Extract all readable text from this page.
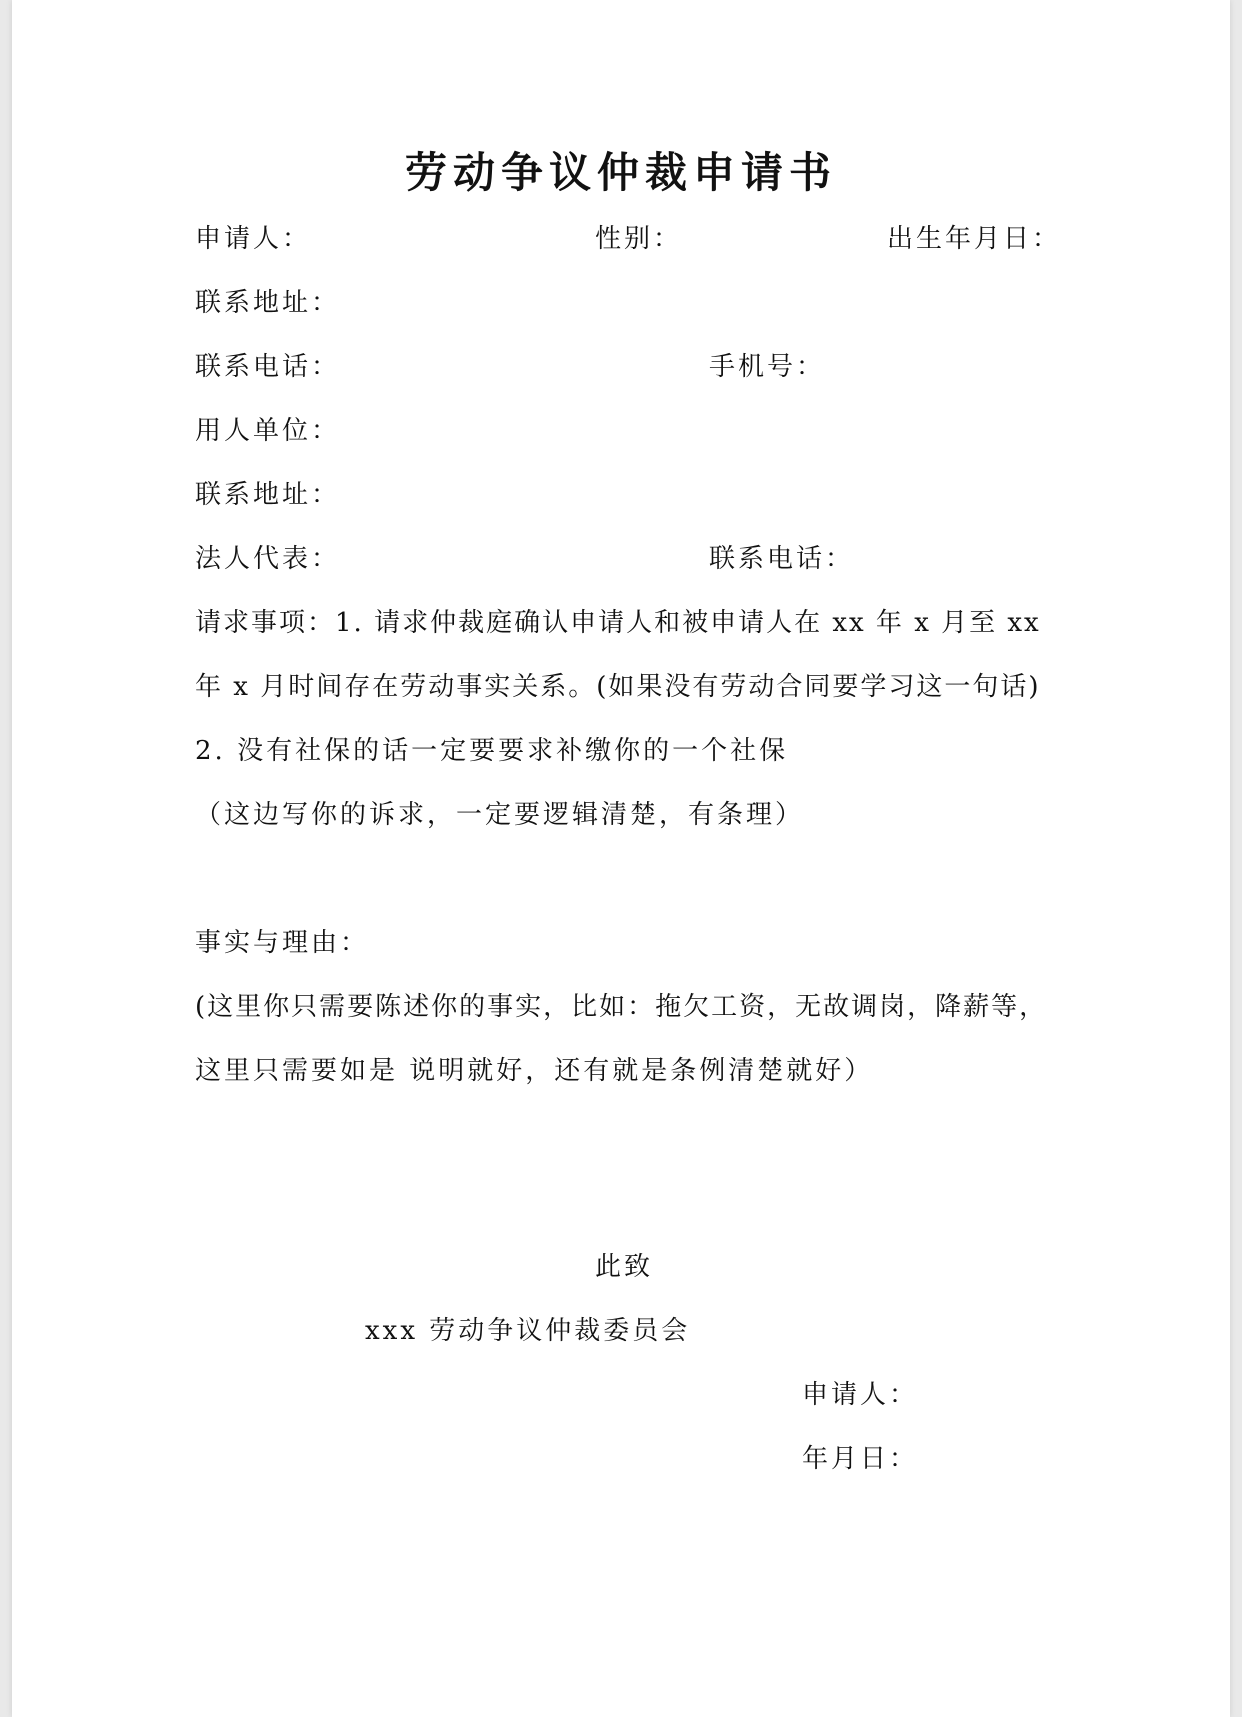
劳动争议仲裁申请书
申请人：	性别：	出生年月日：
联系地址：
联系电话：	手机号：
用人单位：
联系地址：
法人代表：	联系电话：
请求事项：1. 请求仲裁庭确认申请人和被申请人在 xx 年 x 月至 xx
年 x 月时间存在劳动事实关系。(如果没有劳动合同要学习这一句话)
2. 没有社保的话一定要要求补缴你的一个社保
（这边写你的诉求，一定要逻辑清楚，有条理）
事实与理由：
(这里你只需要陈述你的事实，比如：拖欠工资，无故调岗，降薪等，
这里只需要如是 说明就好，还有就是条例清楚就好）
此致
xxx 劳动争议仲裁委员会
申请人：
年月日：
